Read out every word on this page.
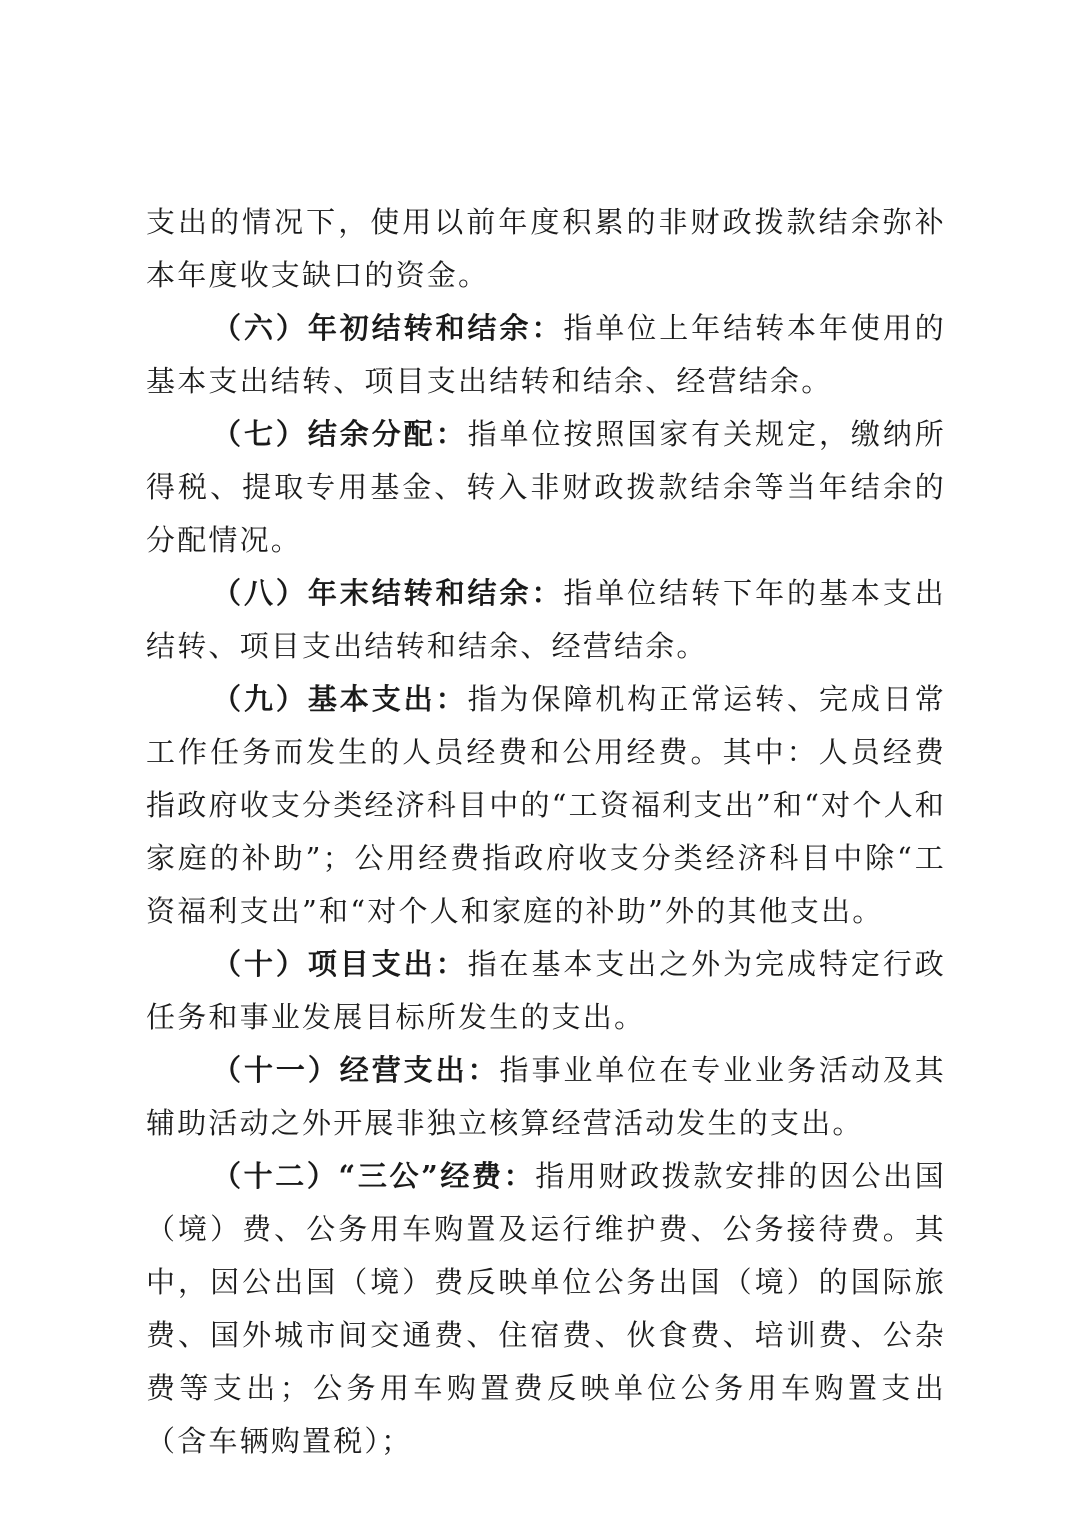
支出的情况下，使用以前年度积累的非财政拨款结余弥补本年度收支缺口的资金。

（六）年初结转和结余：指单位上年结转本年使用的基本支出结转、项目支出结转和结余、经营结余。

（七）结余分配：指单位按照国家有关规定，缴纳所得税、提取专用基金、转入非财政拨款结余等当年结余的分配情况。

（八）年末结转和结余：指单位结转下年的基本支出结转、项目支出结转和结余、经营结余。

（九）基本支出：指为保障机构正常运转、完成日常工作任务而发生的人员经费和公用经费。其中：人员经费指政府收支分类经济科目中的“工资福利支出”和“对个人和家庭的补助”；公用经费指政府收支分类经济科目中除“工资福利支出”和“对个人和家庭的补助”外的其他支出。

（十）项目支出：指在基本支出之外为完成特定行政任务和事业发展目标所发生的支出。

（十一）经营支出：指事业单位在专业业务活动及其辅助活动之外开展非独立核算经营活动发生的支出。

（十二）“三公”经费：指用财政拨款安排的因公出国（境）费、公务用车购置及运行维护费、公务接待费。其中，因公出国（境）费反映单位公务出国（境）的国际旅费、国外城市间交通费、住宿费、伙食费、培训费、公杂费等支出；公务用车购置费反映单位公务用车购置支出（含车辆购置税）；
